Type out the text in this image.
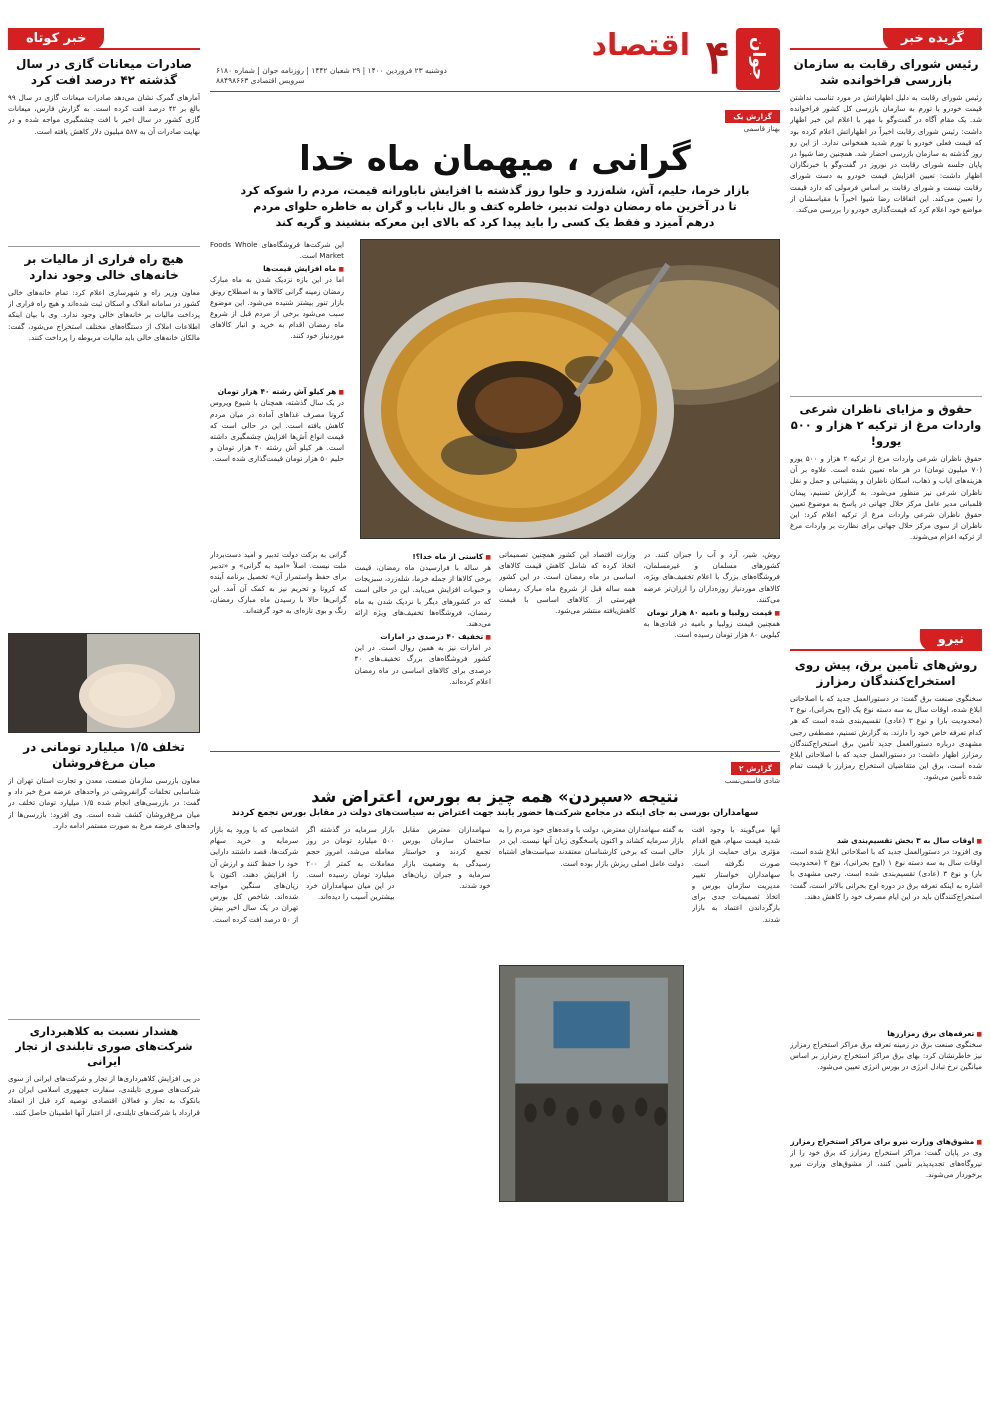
گزیده خبر
رئیس شورای رقابت به سازمان بازرسی فراخوانده شد
رئیس شورای رقابت به دلیل اظهاراتش در مورد تناسب‌ نداشتن قیمت خودرو با تورم به سازمان بازرسی کل کشور فراخوانده شد. یک مقام آگاه در گفت‌وگو با مهر با اعلام این خبر اظهار داشت: رئیس شورای رقابت اخیراً در اظهاراتش اعلام کرده بود که قیمت فعلی خودرو با تورم شدید همخوانی ندارد. از این رو روز گذشته به سازمان بازرسی احضار شد. همچنین رضا شیوا در پایان جلسه شورای رقابت در نوروز در گفت‌وگو با خبرنگاران اظهار داشت: تعیین افزایش قیمت خودرو به دست شورای رقابت نیست و شورای رقابت بر اساس فرمولی که دارد قیمت را تعیین می‌کند. این اتفاقات رضا شیوا اخیراً با مقیاسشان از مواضع خود اعلام کرد که قیمت‌گذاری خودرو را بررسی می‌کند.
حقوق و مزایای ناظران شرعی واردات مرغ از ترکیه ۲ هزار و ۵۰۰ یورو!
حقوق ناظران شرعی واردات مرغ از ترکیه ۲ هزار و ۵۰۰ یورو (۷۰ میلیون تومان) در هر ماه تعیین شده است. علاوه بر آن هزینه‌های ایاب و ذهاب، اسکان ناظران و پشتیبانی و حمل و نقل ناظران شرعی نیز منظور می‌شود. به گزارش تسنیم، پیمان قلمبانی مدیر عامل مرکز حلال جهانی در پاسخ به موضوع تعیین حقوق ناظران شرعی واردات مرغ از ترکیه اعلام کرد: این ناظران از سوی مرکز حلال جهانی برای نظارت بر واردات مرغ از ترکیه اعزام می‌شوند.
نیرو
روش‌های تأمین برق، پیش روی استخراج‌کنندگان رمزارز
سخنگوی صنعت برق گفت: در دستورالعمل جدید که با اصلاحاتی ابلاغ شده، اوقات سال به سه دسته نوع یک (اوج بحرانی)، نوع ۲ (محدودیت بار) و نوع ۳ (عادی) تقسیم‌بندی شده است که هر کدام تعرفه خاص خود را دارند. به گزارش تسنیم، مصطفی رجبی مشهدی درباره دستورالعمل جدید تأمین برق استخراج‌کنندگان رمزارز اظهار داشت: در دستورالعمل جدید که با اصلاحاتی ابلاغ شده است، برق این متقاضیان استخراج رمزارز با قیمت تمام شده تأمین می‌شود.
■ اوقات سال به ۳ بخش تقسیم‌بندی شد
وی افزود: در دستورالعمل جدید که با اصلاحاتی ابلاغ شده است، اوقات سال به سه دسته نوع ۱ (اوج بحرانی)، نوع ۲ (محدودیت بار) و نوع ۳ (عادی) تقسیم‌بندی شده است. رجبی مشهدی با اشاره به اینکه تعرفه برق در دوره اوج بحرانی بالاتر است، گفت: استخراج‌کنندگان باید در این ایام مصرف خود را کاهش دهند.
■ تعرفه‌های برق رمزارزها
سخنگوی صنعت برق در زمینه تعرفه برق مراکز استخراج رمزارز نیز خاطرنشان کرد: بهای برق مراکز استخراج رمزارز بر اساس میانگین نرخ تبادل انرژی در بورس انرژی تعیین می‌شود.
■ مشوق‌های وزارت نیرو برای مراکز استخراج رمزارز
وی در پایان گفت: مراکز استخراج رمزارز که برق خود را از نیروگاه‌های تجدیدپذیر تأمین کنند، از مشوق‌های وزارت نیرو برخوردار می‌شوند.
جوان
۴
اقتصاد
دوشنبه ۲۳ فروردین ۱۴۰۰ | ۲۹ شعبان ۱۴۴۲ | روزنامه جوان | شماره ۶۱۸۰
سرویس اقتصادی ۸۸۴۹۸۶۶۳
گزارش یک
بهناز قاسمی
گرانی ، میهمان ماه خدا
بازار خرما، حلیم، آش، شله‌زرد و حلوا روز گذشته با افزایش ناباورانه قیمت، مردم را شوکه کرد تا در آخرین ماه رمضان دولت تدبیر، خاطره کتف و بال نایاب و گران به خاطره حلوای مردم درهم آمیزد و فقط یک کسی را باید پیدا کرد که بالای این معرکه بنشیند و گریه کند
این شرکت‌ها فروشگاه‌های Foods Whole Market است.
■ ماه افزایش قیمت‌ها
اما در این بازه نزدیک شدن به ماه مبارک رمضان زمینه گرانی کالاها و به اصطلاح رونق بازار تنور بیشتر شنیده می‌شود. این موضوع سبب می‌شود برخی از مردم قبل از شروع ماه رمضان اقدام به خرید و انبار کالاهای موردنیاز خود کنند.
■ هر کیلو آش رشته ۴۰ هزار تومان
در یک سال گذشته، همچنان با شیوع ویروس کرونا مصرف غذاهای آماده در میان مردم کاهش یافته است. این در حالی است که قیمت انواع آش‌ها افزایش چشمگیری داشته است. هر کیلو آش رشته ۴۰ هزار تومان و حلیم ۵۰ هزار تومان قیمت‌گذاری شده است.
روش، شیر، آرد و آب را جبران کنند. در کشورهای مسلمان و غیرمسلمان، فروشگاه‌های بزرگ با اعلام تخفیف‌های ویژه، کالاهای موردنیاز روزه‌داران را ارزان‌تر عرضه می‌کنند.
■ قیمت زولبیا و بامیه ۸۰ هزار تومان
همچنین قیمت زولبیا و بامیه در قنادی‌ها به کیلویی ۸۰ هزار تومان رسیده است.
وزارت اقتصاد این کشور همچنین تصمیماتی اتخاذ کرده که شامل کاهش قیمت کالاهای اساسی در ماه رمضان است. در این کشور همه ساله قبل از شروع ماه مبارک رمضان فهرستی از کالاهای اساسی با قیمت کاهش‌یافته منتشر می‌شود.
■ کاستی از ماه خدا؟!
هر ساله با فرارسیدن ماه رمضان، قیمت برخی کالاها از جمله خرما، شله‌زرد، سبزیجات و حبوبات افزایش می‌یابد. این در حالی است که در کشورهای دیگر با نزدیک شدن به ماه رمضان، فروشگاه‌ها تخفیف‌های ویژه ارائه می‌دهند.
■ تخفیف ۴۰ درصدی در امارات
در امارات نیز به همین روال است. در این کشور فروشگاه‌های بزرگ تخفیف‌های ۴۰ درصدی برای کالاهای اساسی در ماه رمضان اعلام کرده‌اند.
گرانی به برکت دولت تدبیر و امید دست‌بردار ملت نیست. اصلاً «امید به گرانی» و «تدبیر برای حفظ واستمرار آن» تخصیل برنامه آینده که کرونا و تحریم نیز به کمک آن آمد. این گرانی‌ها حالا با رسیدن ماه مبارک رمضان، رنگ و بوی تازه‌ای به خود گرفته‌اند.
گزارش ۲
شادی قاسمی‌نسب
نتیجه «سپردن» همه چیز به بورس، اعتراض شد
سهامداران بورسی به جای اینکه در مجامع شرکت‌ها حضور یابند جهت اعتراض به سیاست‌های دولت در مقابل بورس تجمع کردند
آنها می‌گویند با وجود افت شدید قیمت سهام، هیچ اقدام مؤثری برای حمایت از بازار صورت نگرفته است. سهامداران خواستار تغییر مدیریت سازمان بورس و اتخاذ تصمیمات جدی برای بازگرداندن اعتماد به بازار شدند.
به گفته سهامداران معترض، دولت با وعده‌های خود مردم را به بازار سرمایه کشاند و اکنون پاسخگوی زیان آنها نیست. این در حالی است که برخی کارشناسان معتقدند سیاست‌های اشتباه دولت عامل اصلی ریزش بازار بوده است.
سهامداران معترض مقابل ساختمان سازمان بورس تجمع کردند و خواستار رسیدگی به وضعیت بازار سرمایه و جبران زیان‌های خود شدند.
بازار سرمایه در گذشته اگر ۵۰۰ میلیارد تومان در روز معامله می‌شد، امروز حجم معاملات به کمتر از ۲۰۰ میلیارد تومان رسیده است. در این میان سهامداران خرد بیشترین آسیب را دیده‌اند.
اشخاصی که با ورود به بازار سرمایه و خرید سهام شرکت‌ها، قصد داشتند دارایی خود را حفظ کنند و ارزش آن را افزایش دهند، اکنون با زیان‌های سنگین مواجه شده‌اند. شاخص کل بورس تهران در یک سال اخیر بیش از ۵۰ درصد افت کرده است.
خبر کوتاه
صادرات میعانات گازی در سال گذشته ۴۲ درصد افت کرد
آمارهای گمرک نشان می‌دهد صادرات میعانات گازی در سال ۹۹ بالغ بر ۴۲ درصد افت کرده است. به گزارش فارس، میعانات گازی کشور در سال اخیر با افت چشمگیری مواجه شده و در نهایت صادرات آن به ۵۸۷ میلیون دلار کاهش یافته است.
هیچ راه فراری از مالیات بر خانه‌های خالی وجود ندارد
معاون وزیر راه و شهرسازی اعلام کرد: تمام خانه‌های خالی کشور در سامانه املاک و اسکان ثبت شده‌اند و هیچ راه فراری از پرداخت مالیات بر خانه‌های خالی وجود ندارد. وی با بیان اینکه اطلاعات املاک از دستگاه‌های مختلف استخراج می‌شود، گفت: مالکان خانه‌های خالی باید مالیات مربوطه را پرداخت کنند.
تخلف ۱/۵ میلیارد تومانی در میان مرغ‌فروشان
معاون بازرسی سازمان صنعت، معدن و تجارت استان تهران از شناسایی تخلفات گرانفروشی در واحدهای عرضه مرغ خبر داد و گفت: در بازرسی‌های انجام شده ۱/۵ میلیارد تومان تخلف در میان مرغ‌فروشان کشف شده است. وی افزود: بازرسی‌ها از واحدهای عرضه مرغ به صورت مستمر ادامه دارد.
هشدار نسبت به کلاهبرداری شرکت‌های صوری تابلندی از تجار ایرانی
در پی افزایش کلاهبرداری‌ها از تجار و شرکت‌های ایرانی از سوی شرکت‌های صوری تایلندی، سفارت جمهوری اسلامی ایران در بانکوک به تجار و فعالان اقتصادی توصیه کرد قبل از انعقاد قرارداد با شرکت‌های تایلندی، از اعتبار آنها اطمینان حاصل کنند.
